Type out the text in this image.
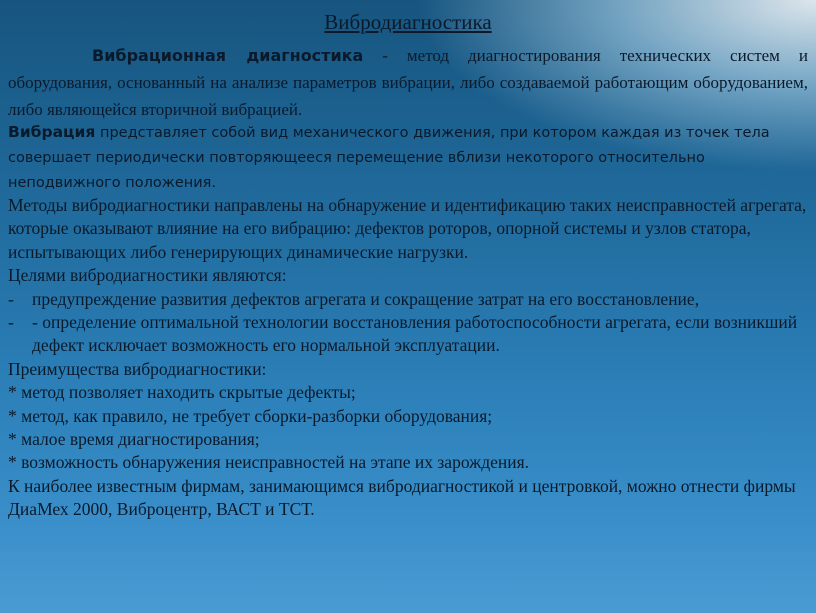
Вибродиагностика
Вибрационная диагностика - метод диагностирования технических систем и оборудования, основанный на анализе параметров вибрации, либо создаваемой работающим оборудованием, либо являющейся вторичной вибрацией.
Вибрация представляет собой вид механического движения, при котором каждая из точек тела совершает периодически повторяющееся перемещение вблизи некоторого относительно неподвижного положения.

Методы вибродиагностики направлены на обнаружение и идентификацию таких неисправностей агрегата, которые оказывают влияние на его вибрацию: дефектов роторов, опорной системы и узлов статора, испытывающих либо генерирующих динамические нагрузки.

Целями вибродиагностики являются:

-	предупреждение развития дефектов агрегата и сокращение затрат на его восстановление,
-	- определение оптимальной технологии восстановления работоспособности агрегата, если возникший дефект исключает возможность его нормальной эксплуатации.

Преимущества вибродиагностики:

* метод позволяет находить скрытые дефекты;

* метод, как правило, не требует сборки-разборки оборудования;

* малое время диагностирования;

* возможность обнаружения неисправностей на этапе их зарождения.

К наиболее известным фирмам, занимающимся вибродиагностикой и центровкой, можно отнести фирмы ДиаМех 2000, Виброцентр, ВАСТ и ТСТ.
